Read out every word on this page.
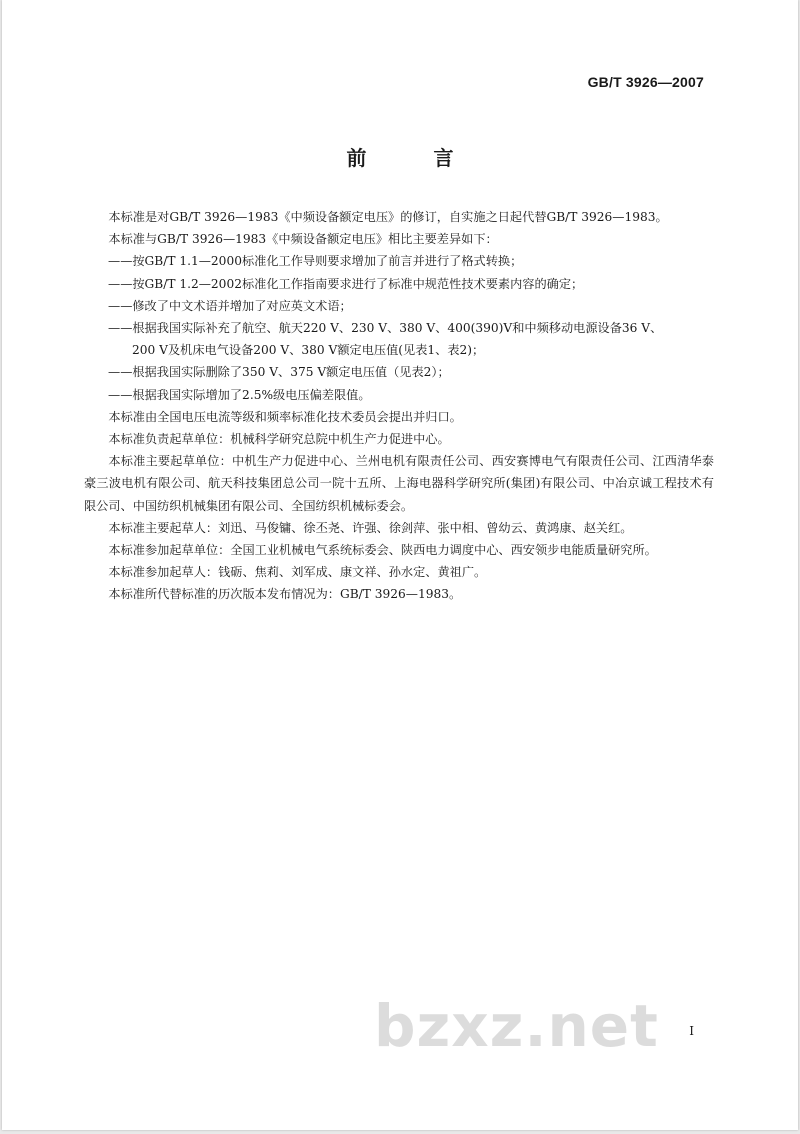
GB/T 3926—2007
前 言

本标准是对GB/T 3926—1983《中频设备额定电压》的修订，自实施之日起代替GB/T 3926—1983。

本标准与GB/T 3926—1983《中频设备额定电压》相比主要差异如下：

——按GB/T 1.1—2000标准化工作导则要求增加了前言并进行了格式转换；

——按GB/T 1.2—2002标准化工作指南要求进行了标准中规范性技术要素内容的确定；

——修改了中文术语并增加了对应英文术语；

——根据我国实际补充了航空、航天220 V、230 V、380 V、400(390)V和中频移动电源设备36 V、

200 V及机床电气设备200 V、380 V额定电压值(见表1、表2)；

——根据我国实际删除了350 V、375 V额定电压值（见表2）；

——根据我国实际增加了2.5%级电压偏差限值。

本标准由全国电压电流等级和频率标准化技术委员会提出并归口。

本标准负责起草单位：机械科学研究总院中机生产力促进中心。

本标准主要起草单位：中机生产力促进中心、兰州电机有限责任公司、西安赛博电气有限责任公司、江西清华泰豪三波电机有限公司、航天科技集团总公司一院十五所、上海电器科学研究所(集团)有限公司、中冶京诚工程技术有限公司、中国纺织机械集团有限公司、全国纺织机械标委会。

本标准主要起草人：刘迅、马俊镛、徐丕尧、许强、徐剑萍、张中相、曾幼云、黄鸿康、赵关红。

本标准参加起草单位：全国工业机械电气系统标委会、陕西电力调度中心、西安领步电能质量研究所。

本标准参加起草人：钱砺、焦莉、刘军成、康文祥、孙水定、黄祖广。

本标准所代替标准的历次版本发布情况为：GB/T 3926—1983。

bzxz.net	I
